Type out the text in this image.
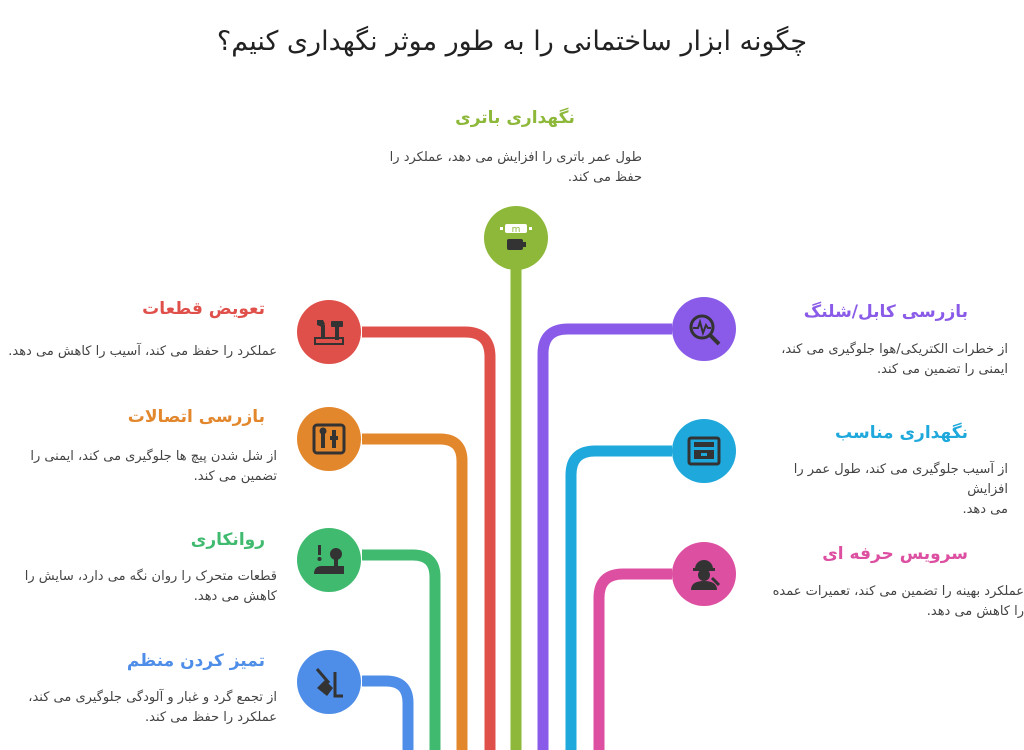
چگونه ابزار ساختمانی را به طور موثر نگهداری کنیم؟
نگهداری باتری
طول عمر باتری را افزایش می دهد، عملکرد را
حفظ می کند.
m
تعویض قطعات
عملکرد را حفظ می کند، آسیب را کاهش می دهد.
بازرسی اتصالات
از شل شدن پیچ ها جلوگیری می کند، ایمنی را
تضمین می کند.
روانکاری
قطعات متحرک را روان نگه می دارد، سایش را
کاهش می دهد.
تمیز کردن منظم
از تجمع گرد و غبار و آلودگی جلوگیری می کند،
عملکرد را حفظ می کند.
بازرسی کابل/شلنگ
از خطرات الکتریکی/هوا جلوگیری می کند،
ایمنی را تضمین می کند.
نگهداری مناسب
از آسیب جلوگیری می کند، طول عمر را افزایش
می دهد.
سرویس حرفه ای
عملکرد بهینه را تضمین می کند، تعمیرات عمده
را کاهش می دهد.
